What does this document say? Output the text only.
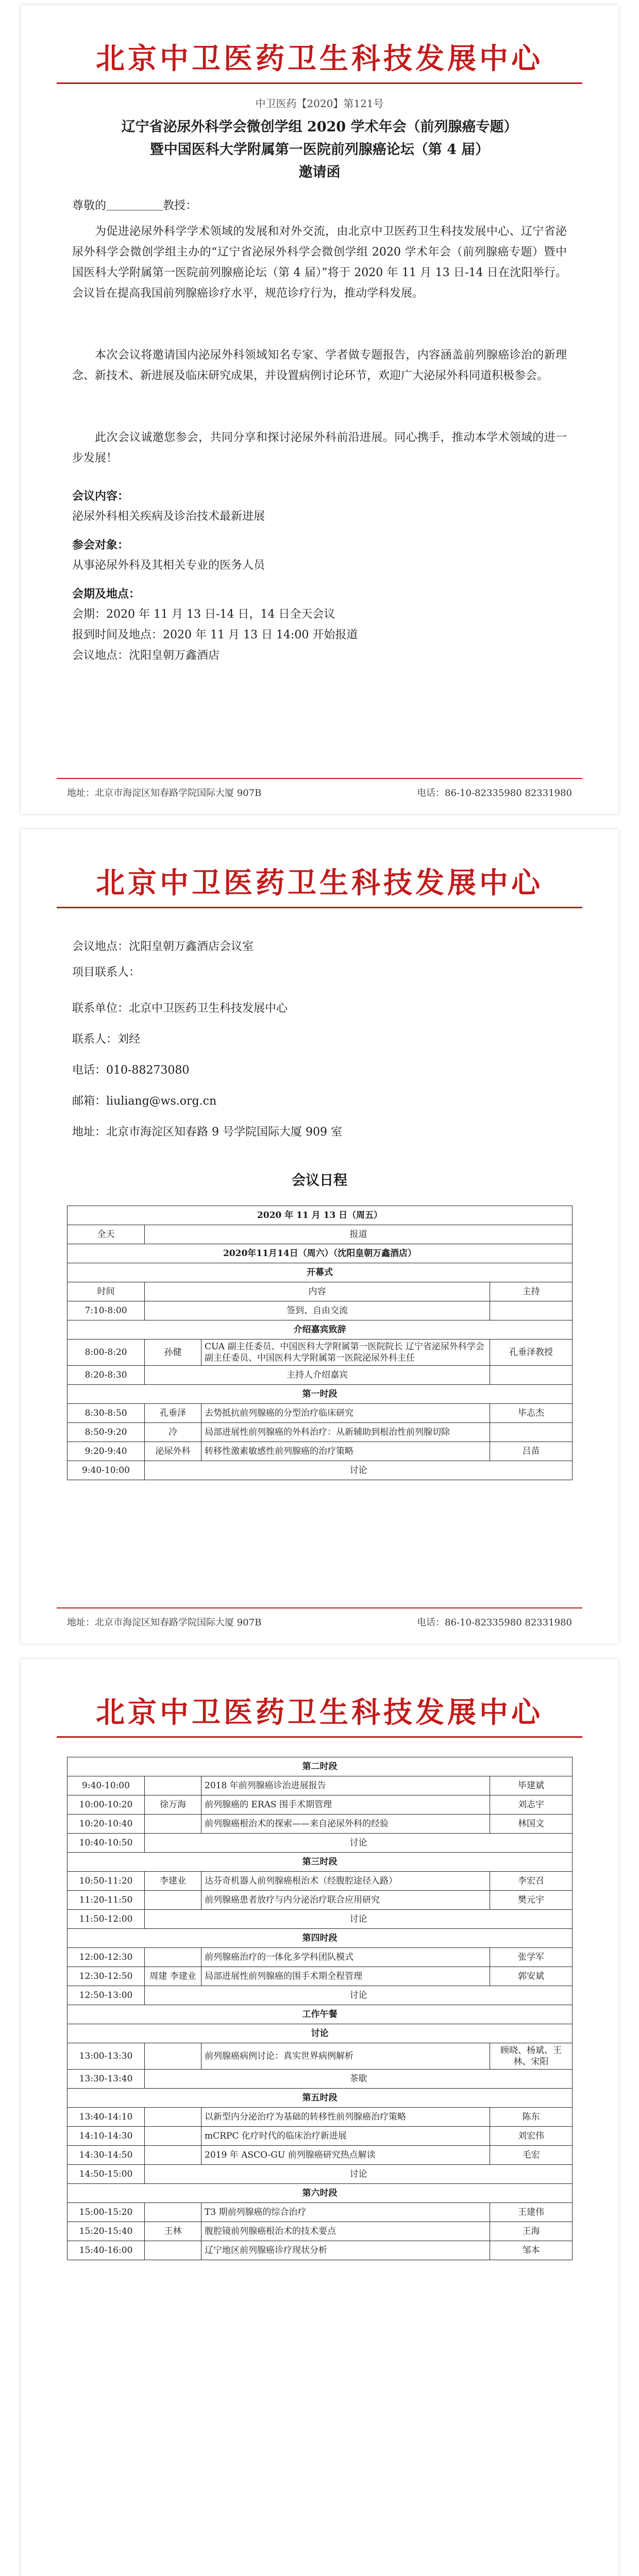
北京中卫医药卫生科技发展中心
中卫医药【2020】第121号
辽宁省泌尿外科学会微创学组 2020 学术年会（前列腺癌专题）
暨中国医科大学附属第一医院前列腺癌论坛（第 4 届）
邀请函
尊敬的＿＿＿＿＿教授：
为促进泌尿外科学学术领域的发展和对外交流，由北京中卫医药卫生科技发展中心、辽宁省泌尿外科学会微创学组主办的“辽宁省泌尿外科学会微创学组 2020 学术年会（前列腺癌专题）暨中国医科大学附属第一医院前列腺癌论坛（第 4 届）”将于 2020 年 11 月 13 日-14 日在沈阳举行。会议旨在提高我国前列腺癌诊疗水平，规范诊疗行为，推动学科发展。
本次会议将邀请国内泌尿外科领域知名专家、学者做专题报告，内容涵盖前列腺癌诊治的新理念、新技术、新进展及临床研究成果，并设置病例讨论环节，欢迎广大泌尿外科同道积极参会。
此次会议诚邀您参会，共同分享和探讨泌尿外科前沿进展。同心携手，推动本学术领域的进一步发展！
会议内容：
泌尿外科相关疾病及诊治技术最新进展
参会对象：
从事泌尿外科及其相关专业的医务人员
会期及地点：
会期：2020 年 11 月 13 日-14 日，14 日全天会议
报到时间及地点：2020 年 11 月 13 日 14:00 开始报道
会议地点：沈阳皇朝万鑫酒店
地址：北京市海淀区知春路学院国际大厦 907B	电话：86-10-82335980 82331980
北京中卫医药卫生科技发展中心
会议地点：沈阳皇朝万鑫酒店会议室
项目联系人：
联系单位：北京中卫医药卫生科技发展中心
联系人：刘经
电话：010-88273080
邮箱：liuliang@ws.org.cn
地址：北京市海淀区知春路 9 号学院国际大厦 909 室
会议日程
2020 年 11 月 13 日（周五）			
全天	报道		
2020年11月14日（周六）（沈阳皇朝万鑫酒店）			
开幕式			
时间	内容		主持
7:10-8:00	签到、自由交流		
介绍嘉宾致辞			
8:00-8:20	孙健	CUA 副主任委员、中国医科大学附属第一医院院长 辽宁省泌尿外科学会副主任委员、中国医科大学附属第一医院泌尿外科主任	孔垂泽教授
8:20-8:30	主持人介绍嘉宾		
第一时段			
8:30-8:50	孔垂泽	去势抵抗前列腺癌的分型治疗临床研究	毕志杰
8:50-9:20	冷	局部进展性前列腺癌的外科治疗：从新辅助到根治性前列腺切除	
9:20-9:40	泌尿外科	转移性激素敏感性前列腺癌的治疗策略	吕苗
9:40-10:00	讨论		
地址：北京市海淀区知春路学院国际大厦 907B	电话：86-10-82335980 82331980
北京中卫医药卫生科技发展中心
第二时段			
9:40-10:00		2018 年前列腺癌诊治进展报告	毕建斌
10:00-10:20	徐万海	前列腺癌的 ERAS 围手术期管理	刘志宇
10:20-10:40		前列腺癌根治术的探索——来自泌尿外科的经验	林国文
10:40-10:50	讨论		
第三时段			
10:50-11:20	李建业	达芬奇机器人前列腺癌根治术（经腹腔途径入路）	李宏召
11:20-11:50		前列腺癌患者放疗与内分泌治疗联合应用研究	樊元宇
11:50-12:00	讨论		
第四时段			
12:00-12:30		前列腺癌治疗的一体化多学科团队模式	张学军
12:30-12:50	周建 李建业	局部进展性前列腺癌的围手术期全程管理	郭安斌
12:50-13:00	讨论		
工作午餐			
讨论			
13:00-13:30		前列腺癌病例讨论：真实世界病例解析	顾晓、杨斌、王林、宋阳
13:30-13:40	茶歇		
第五时段			
13:40-14:10		以新型内分泌治疗为基础的转移性前列腺癌治疗策略	陈东
14:10-14:30		mCRPC 化疗时代的临床治疗新进展	刘宏伟
14:30-14:50		2019 年 ASCO-GU 前列腺癌研究热点解读	毛宏
14:50-15:00	讨论		
第六时段			
15:00-15:20		T3 期前列腺癌的综合治疗	王建伟
15:20-15:40	王林	腹腔镜前列腺癌根治术的技术要点	王海
15:40-16:00		辽宁地区前列腺癌诊疗现状分析	邹本
